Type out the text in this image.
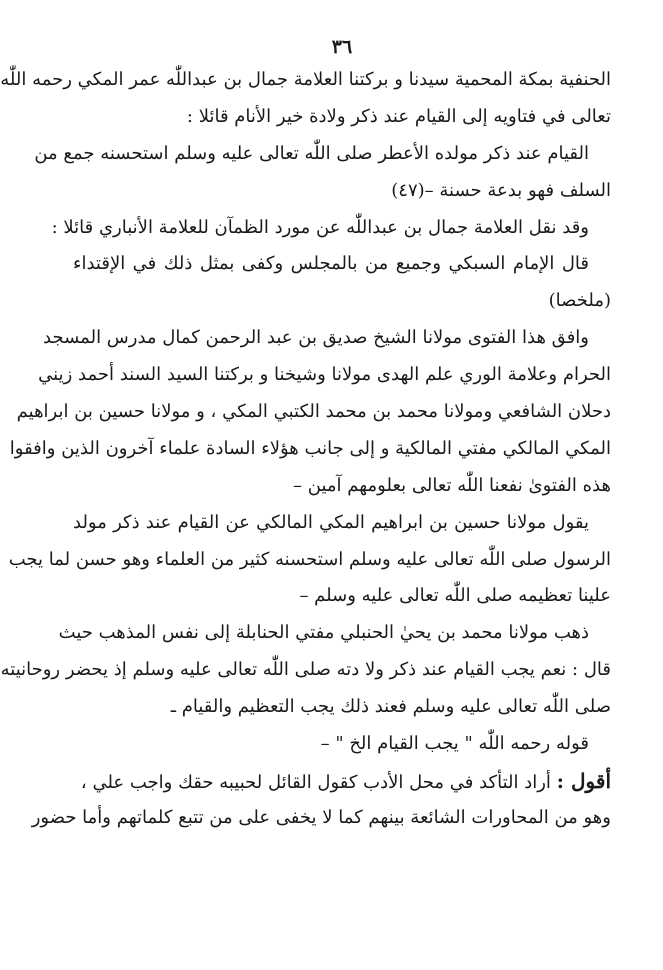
٣٦
الحنفية بمكة المحمية سيدنا و بركتنا العلامة جمال بن عبداللّٰه عمر المكي رحمه اللّٰه
تعالى في فتاويه إلى القيام عند ذكر ولادة خير الأنام قائلا :
القيام عند ذكر مولده الأعطر صلى اللّٰه تعالى عليه وسلم استحسنه جمع من
السلف فهو بدعة حسنة –(٤٧)
وقد نقل العلامة جمال بن عبداللّٰه عن مورد الظمآن للعلامة الأنباري قائلا :
قال الإمام السبكي وجميع من بالمجلس وكفى بمثل ذلك في الإقتداء
(ملخصا)
وافق هذا الفتوى مولانا الشيخ صديق بن عبد الرحمن كمال مدرس المسجد
الحرام وعلامة الوري علم الهدى مولانا وشيخنا و بركتنا السيد السند أحمد زيني
دحلان الشافعي ومولانا محمد بن محمد الكتبي المكي ، و مولانا حسين بن ابراهيم
المكي المالكي مفتي المالكية و إلى جانب هؤلاء السادة علماء آخرون الذين وافقوا
هذه الفتوىٰ نفعنا اللّٰه تعالى بعلومهم آمين –
يقول مولانا حسين بن ابراهيم المكي المالكي عن القيام عند ذكر مولد
الرسول صلى اللّٰه تعالى عليه وسلم استحسنه كثير من العلماء وهو حسن لما يجب
علينا تعظيمه صلى اللّٰه تعالى عليه وسلم –
ذهب مولانا محمد بن يحيٰ الحنبلي مفتي الحنابلة إلى نفس المذهب حيث
قال : نعم يجب القيام عند ذكر ولا دته صلى اللّٰه تعالى عليه وسلم إذ يحضر روحانيته
صلى اللّٰه تعالى عليه وسلم فعند ذلك يجب التعظيم والقيام ـ
قوله رحمه اللّٰه " يجب القيام الخ " –
أقول : أراد التأكد في محل الأدب كقول القائل لحبيبه حقك واجب علي ،
وهو من المحاورات الشائعة بينهم كما لا يخفى على من تتبع كلماتهم وأما حضور
